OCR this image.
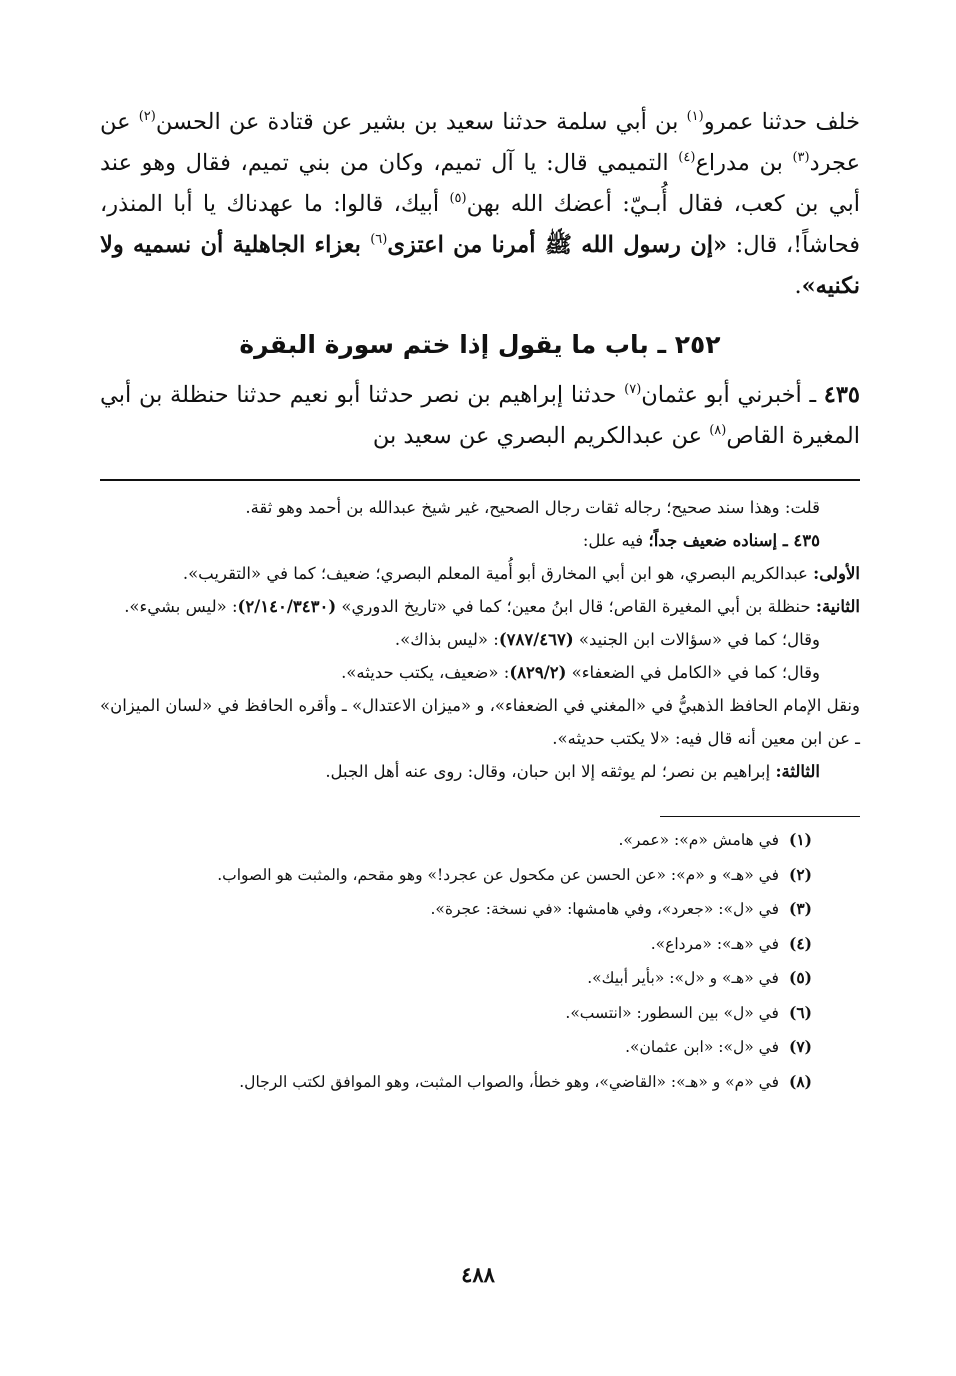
خلف حدثنا عمرو$^{(١)}$ بن أبي سلمة حدثنا سعيد بن بشير عن قتادة عن الحسن$^{(٢)}$ عن عجرد$^{(٣)}$ بن مدراع$^{(٤)}$ التميمي قال: يا آل تميم، وكان من بني تميم، فقال وهو عند أبي بن كعب، فقال أُبـيّ: أعضك الله بهن$^{(٥)}$ أبيك، قالوا: ما عهدناك يا أبا المنذر، فحاشاً!، قال: «إن رسول الله ﷺ أمرنا من اعتزى$^{(٦)}$ بعزاء الجاهلية أن نسميه ولا نكنيه».

٢٥٢ ـ باب ما يقول إذا ختم سورة البقرة

٤٣٥ ـ أخبرني أبو عثمان$^{(٧)}$ حدثنا إبراهيم بن نصر حدثنا أبو نعيم حدثنا حنظلة بن أبي المغيرة القاص$^{(٨)}$ عن عبدالكريم البصري عن سعيد بن

قلت: وهذا سند صحيح؛ رجاله ثقات رجال الصحيح، غير شيخ عبدالله بن أحمد وهو ثقة.

٤٣٥ ـ إسناده ضعيف جداً؛ فيه علل:

الأولى: عبدالكريم البصري، هو ابن أبي المخارق أبو أُمية المعلم البصري؛ ضعيف؛ كما في «التقريب».

الثانية: حنظلة بن أبي المغيرة القاص؛ قال ابنُ معين؛ كما في «تاريخ الدوري» (٢/١٤٠/٣٤٣٠): «ليس بشيء».

وقال؛ كما في «سؤالات ابن الجنيد» (٧٨٧/٤٦٧): «ليس بذاك».

وقال؛ كما في «الكامل في الضعفاء» (٨٢٩/٢): «ضعيف، يكتب حديثه».

ونقل الإمام الحافظ الذهبيُّ في «المغني في الضعفاء»، و «ميزان الاعتدال» ـ وأقره الحافظ في «لسان الميزان» ـ عن ابن معين أنه قال فيه: «لا يكتب حديثه».

الثالثة: إبراهيم بن نصر؛ لم يوثقه إلا ابن حبان، وقال: روى عنه أهل الجبل.

(١)في هامش «م»: «عمر».

(٢)في «هـ» و «م»: «عن الحسن عن مكحول عن عجرد!» وهو مقحم، والمثبت هو الصواب.

(٣)في «ل»: «جعرد»، وفي هامشها: «في نسخة: عجرة».

(٤)في «هـ»: «مرداع».

(٥)في «هـ» و «ل»: «بأير أبيك».

(٦)في «ل» بين السطور: «انتسب».

(٧)في «ل»: «ابن عثمان».

(٨)في «م» و «هـ»: «القاضي»، وهو خطأ، والصواب المثبت، وهو الموافق لكتب الرجال.

٤٨٨
